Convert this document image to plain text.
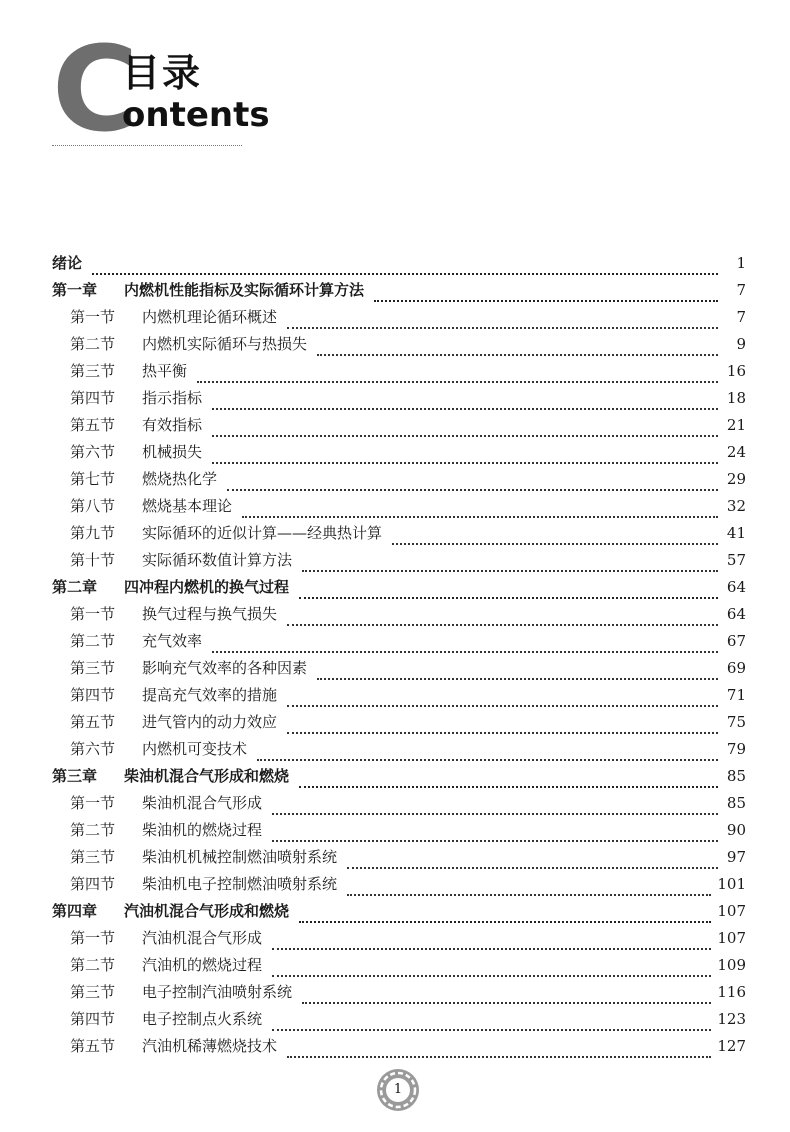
C
目录
ontents
绪论	1
第一章	内燃机性能指标及实际循环计算方法	7
第一节	内燃机理论循环概述	7
第二节	内燃机实际循环与热损失	9
第三节	热平衡	16
第四节	指示指标	18
第五节	有效指标	21
第六节	机械损失	24
第七节	燃烧热化学	29
第八节	燃烧基本理论	32
第九节	实际循环的近似计算——经典热计算	41
第十节	实际循环数值计算方法	57
第二章	四冲程内燃机的换气过程	64
第一节	换气过程与换气损失	64
第二节	充气效率	67
第三节	影响充气效率的各种因素	69
第四节	提高充气效率的措施	71
第五节	进气管内的动力效应	75
第六节	内燃机可变技术	79
第三章	柴油机混合气形成和燃烧	85
第一节	柴油机混合气形成	85
第二节	柴油机的燃烧过程	90
第三节	柴油机机械控制燃油喷射系统	97
第四节	柴油机电子控制燃油喷射系统	101
第四章	汽油机混合气形成和燃烧	107
第一节	汽油机混合气形成	107
第二节	汽油机的燃烧过程	109
第三节	电子控制汽油喷射系统	116
第四节	电子控制点火系统	123
第五节	汽油机稀薄燃烧技术	127
1
